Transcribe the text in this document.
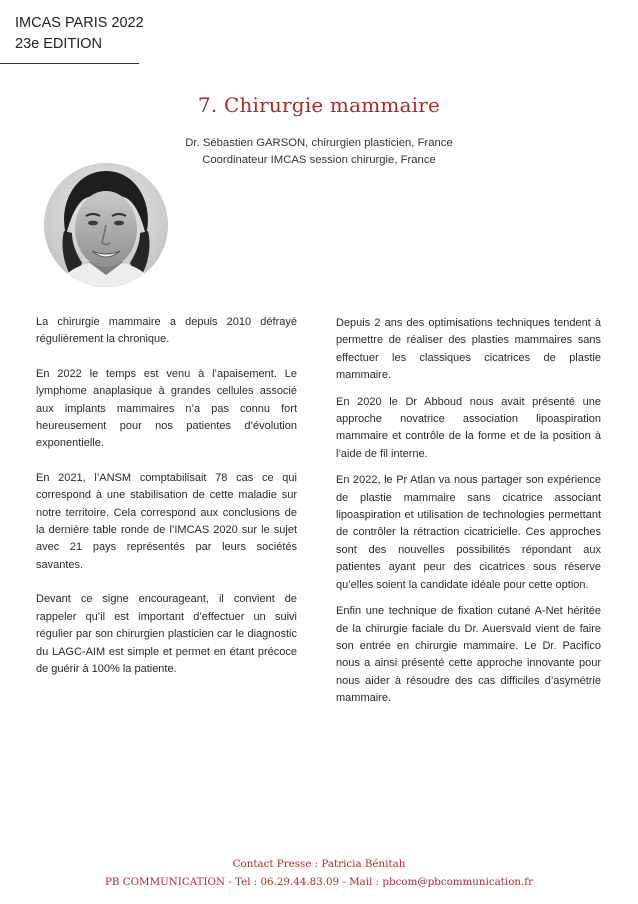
IMCAS PARIS 2022
23e EDITION
7. Chirurgie mammaire
Dr. Sébastien GARSON, chirurgien plasticien, France
Coordinateur IMCAS session chirurgie, France

La chirurgie mammaire a depuis 2010 défrayé régulièrement la chronique.

En 2022 le temps est venu à l’apaisement. Le lymphome anaplasique à grandes cellules associé aux implants mammaires n’a pas connu fort heureusement pour nos patientes d’évolution exponentielle.

En 2021, l’ANSM comptabilisait 78 cas ce qui correspond à une stabilisation de cette maladie sur notre territoire. Cela correspond aux conclusions de la dernière table ronde de l’IMCAS 2020 sur le sujet avec 21 pays représentés par leurs sociétés savantes.

Devant ce signe encourageant, il convient de rappeler qu’il est important d’effectuer un suivi régulier par son chirurgien plasticien car le diagnostic du LAGC-AIM est simple et permet en étant précoce de guérir à 100% la patiente.

Depuis 2 ans des optimisations techniques tendent à permettre de réaliser des plasties mammaires sans effectuer les classiques cicatrices de plastie mammaire.

En 2020 le Dr Abboud nous avait présenté une approche novatrice association lipoaspiration mammaire et contrôle de la forme et de la position à l’aide de fil interne.

En 2022, le Pr Atlan va nous partager son expérience de plastie mammaire sans cicatrice associant lipoaspiration et utilisation de technologies permettant de contrôler la rétraction cicatricielle. Ces approches sont des nouvelles possibilités répondant aux patientes ayant peur des cicatrices sous réserve qu’elles soient la candidate idéale pour cette option.

Enfin une technique de fixation cutané A-Net héritée de la chirurgie faciale du Dr. Auersvald vient de faire son entrée en chirurgie mammaire. Le Dr. Pacifico nous a ainsi présenté cette approche innovante pour nous aider à résoudre des cas difficiles d’asymétrie mammaire.

Contact Presse : Patricia Bénitah
PB COMMUNICATION - Tel : 06.29.44.83.09 - Mail : pbcom@pbcommunication.fr
